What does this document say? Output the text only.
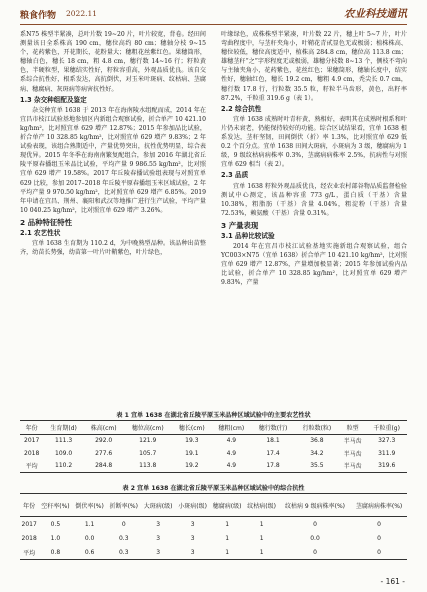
粮食作物 2022.11	农业科技通讯

系N75 株型半紧凑，总叶片数 19~20 片，叶片较宽，背卷。经田间测量该日全系株高 190 cm，穗位高约 80 cm；穗轴分枝 9~15 个，花药紫色，开花期长，花粉量大；穗粗花丝紫红色。果穗筒形，穗轴白色，穗长 18 cm，粗 4.8 cm，穗行数 14~16 行；籽粒黄色，半硬粒型，果穗结实性好，籽粒容重高，外观品质优良。该自交系综合抗性好，根系发达，高抗倒伏，对玉米叶斑病、纹枯病、茎腐病、穗腐病、灰斑病等病害抗性好。

1.3 杂交种组配及鉴定

杂交种宜单 1638 于 2013 年在海南陵水组配而成，2014 年在宜昌市枝江试验基地参加区内新组合观察试验，折合单产 10 421.10 kg/hm²，比对照宜单 629 增产 12.87%；2015 年参加品比试验，折合单产 10 328.85 kg/hm²，比对照宜单 629 增产 9.83%；2 年试验表现，该组合熟期适中，产量优势突出，抗性优势明显，综合表现优异。2015 年冬季在海南南繁复配组合，参加 2016 年湖北省丘陵平原春播组玉米品比试验，平均产量 9 986.55 kg/hm²，比对照宜单 629 增产 19.58%。2017 年丘陵春播试验组表现与对照宜单 629 比较，参加 2017–2018 年丘陵平原春播组玉米区域试验，2 年平均产量 9 970.50 kg/hm²，比对照宜单 629 增产 6.85%。2019 年申请在宜昌、荆州、襄阳和武汉等地推广进行生产试验，平均产量 10 040.25 kg/hm²，比对照宜单 629 增产 3.26%。

2 品种特征特性
2.1 农艺性状

宜单 1638 生育期为 110.2 d，为中晚熟型品种。该品种出苗整齐，幼苗长势强，幼苗第一叶片叶鞘紫色，叶片绿色，

叶缘绿色，成株株型半紧凑，叶片数 22 片，穗上叶 5~7 片，叶片弯曲程度中，与茎秆夹角小，叶鞘花青甙显色无或极弱；植株株高、穗位较低，穗位高度适中，植株高 284.8 cm，穗位高 113.8 cm；雄穗茎秆“之”字形程度无或极弱，雄穗分枝数 8~13 个，侧枝不弯向与主轴夹角小，花药紫色，花丝红色；果穗筒形，穗轴长度中，结实性好，穗轴红色，穗长 19.2 cm，穗粗 4.9 cm，秃尖长 0.7 cm，穗行数 17.8 行，行粒数 35.5 粒，籽粒半马齿形，黄色，出籽率 87.2%，千粒重 319.6 g（表 1）。

2.2 综合抗性

宜单 1638 成熟时叶青秆黄，熟相好，表明其在成熟时根系和叶片仍未衰老，仍能保持较好的功能。综合区试结果看，宜单 1638 根系发达，茎秆坚韧，田间倒伏（折）率 1.3%，比对照宜单 629 低 0.2 个百分点。宜单 1638 田间大斑病，小斑病为 3 级，穗腐病为 1 级，9 级纹枯病病株率 0.3%，茎腐病病株率 2.5%，抗病性与对照宜单 629 相当（表 2）。

2.3 品质

宜单 1638 籽粒外观品质优良，经农业农村部谷物品质监督检验测试中心测定，该品种容重 773 g/L，蛋白质（干基）含量 10.38%，粗脂肪（干基）含量 4.04%，粗淀粉（干基）含量 72.53%，赖氨酸（干基）含量 0.31%。

3 产量表现
3.1 品种比较试验

2014 年在宜昌市枝江试验基地实施新组合观察试验，组合 YC003×N75（宜单 1638）折合单产 10 421.10 kg/hm²，比对照宜单 629 增产 12.87%，产量增加极显著；2015 年参加试验内品比试验，折合单产 10 328.85 kg/hm²，比对照宜单 629 增产 9.83%，产量

表 1 宜单 1638 在湖北省丘陵平原玉米品种区域试验中的主要农艺性状
年份	生育期(d)	株高(cm)	穗位高(cm)	穗长(cm)	穗粗(cm)	穗行数(行)	行粒数(粒)	粒型	千粒重(g)
2017	111.3	292.0	121.9	19.3	4.9	18.1	36.8	半马齿	327.3
2018	109.0	277.6	105.7	19.1	4.9	17.4	34.2	半马齿	311.9
平均	110.2	284.8	113.8	19.2	4.9	17.8	35.5	半马齿	319.6
表 2 宜单 1638 在湖北省丘陵平原玉米品种区域试验中的综合抗性
年份	空秆率(%)	倒伏率(%)	折断率(%)	大斑病(级)	小斑病(级)	穗腐病(级)	纹枯病(级)	纹枯病 9 级病株率(%)	茎腐病病株率(%)
2017	0.5	1.1	0	3	3	1	1	0	0
2018	1.0	0.0	0.3	3	3	1	1	0.0	0
平均	0.8	0.6	0.3	3	3	1	1	0	0
- 161 -
